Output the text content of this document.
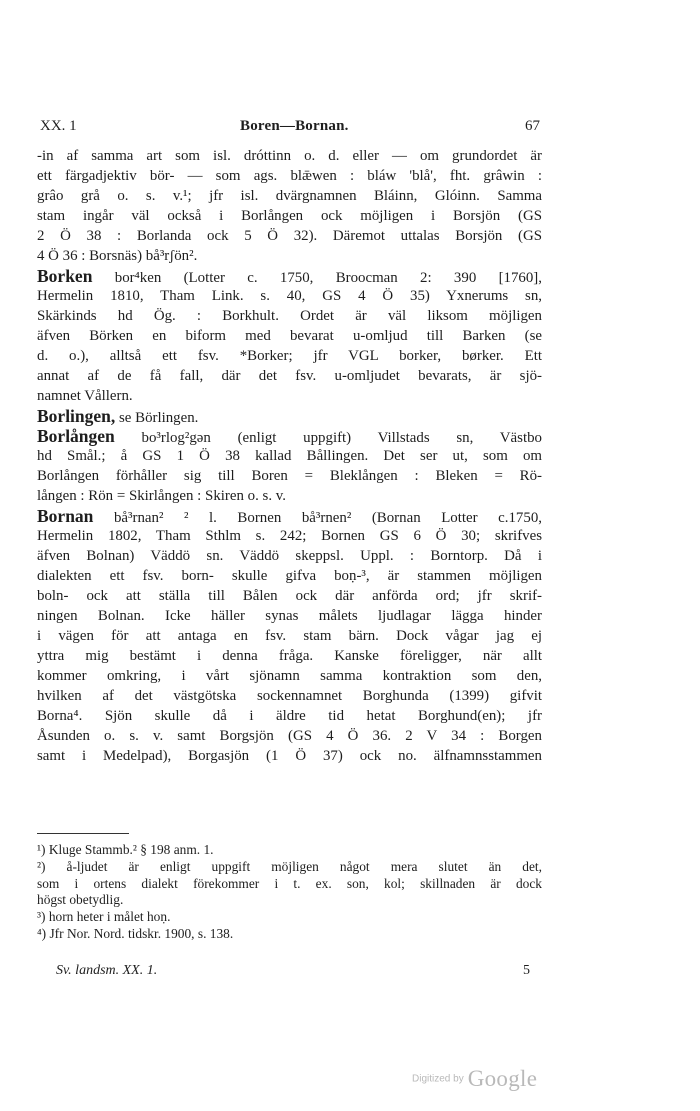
XX. 1	Boren—Bornan.	67
-in af samma art som isl. dróttinn o. d. eller — om grundordet är
ett färgadjektiv bör- — som ags. blǣwen : bláw 'blå', fht. grâwin :
grâo grå o. s. v.¹; jfr isl. dvärgnamnen Bláinn, Glóinn. Samma
stam ingår väl också i Borlången ock möjligen i Borsjön (GS
2 Ö 38 : Borlanda ock 5 Ö 32). Däremot uttalas Borsjön (GS
4 Ö 36 : Borsnäs) bå³rʃön².
Borken bor⁴ken (Lotter c. 1750, Broocman 2: 390 [1760],
Hermelin 1810, Tham Link. s. 40, GS 4 Ö 35) Yxnerums sn,
Skärkinds hd Ög. : Borkhult. Ordet är väl liksom möjligen
äfven Börken en biform med bevarat u-omljud till Barken (se
d. o.), alltså ett fsv. *Borker; jfr VGL borker, børker. Ett
annat af de få fall, där det fsv. u-omljudet bevarats, är sjö-
namnet Vållern.
Borlingen, se Börlingen.
Borlången bo³rlog²gən (enligt uppgift) Villstads sn, Västbo
hd Smål.; å GS 1 Ö 38 kallad Bållingen. Det ser ut, som om
Borlången förhåller sig till Boren = Bleklången : Bleken = Rö-
lången : Rön = Skirlången : Skiren o. s. v.
Bornan bå³rnan² ² l. Bornen bå³rnen² (Bornan Lotter c.1750,
Hermelin 1802, Tham Sthlm s. 242; Bornen GS 6 Ö 30; skrifves
äfven Bolnan) Väddö sn. Väddö skeppsl. Uppl. : Borntorp. Då i
dialekten ett fsv. born- skulle gifva boṇ-³, är stammen möjligen
boln- ock att ställa till Bålen ock där anförda ord; jfr skrif-
ningen Bolnan. Icke häller synas målets ljudlagar lägga hinder
i vägen för att antaga en fsv. stam bärn. Dock vågar jag ej
yttra mig bestämt i denna fråga. Kanske föreligger, när allt
kommer omkring, i vårt sjönamn samma kontraktion som den,
hvilken af det västgötska sockennamnet Borghunda (1399) gifvit
Borna⁴. Sjön skulle då i äldre tid hetat Borghund(en); jfr
Åsunden o. s. v. samt Borgsjön (GS 4 Ö 36. 2 V 34 : Borgen
samt i Medelpad), Borgasjön (1 Ö 37) ock no. älfnamnsstammen
¹) Kluge Stammb.² § 198 anm. 1.
²) å-ljudet är enligt uppgift möjligen något mera slutet än det,
som i ortens dialekt förekommer i t. ex. son, kol; skillnaden är dock
högst obetydlig.
³) horn heter i målet hoṇ.
⁴) Jfr Nor. Nord. tidskr. 1900, s. 138.
Sv. landsm. XX. 1.	5
Digitized by Google
